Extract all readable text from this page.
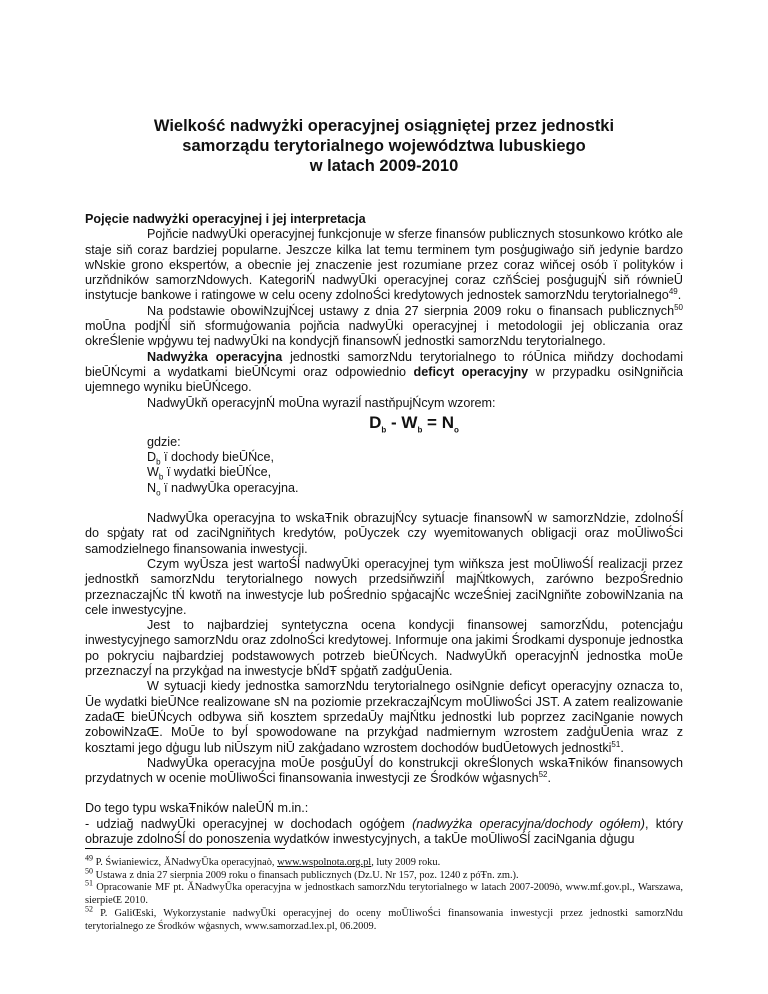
Wielkość nadwyżki operacyjnej osiągniętej przez jednostki
samorządu terytorialnego województwa lubuskiego
w latach 2009-2010

Pojęcie nadwyżki operacyjnej i jej interpretacja

Pojňcie nadwyŪki operacyjnej funkcjonuje w sferze finansów publicznych stosunkowo krótko ale staje siň coraz bardziej popularne. Jeszcze kilka lat temu terminem tym posģugiwaģo siň jedynie bardzo wNskie grono ekspertów, a obecnie jej znaczenie jest rozumiane przez coraz wiňcej osób ï polityków i urzňdników samorzNdowych. KategoriŃ nadwyŪki operacyjnej coraz czňŚciej posģugujŃ siň równieŪ instytucje bankowe i ratingowe w celu oceny zdolnoŚci kredytowych jednostek samorzNdu terytorialnego$^{49}$.

Na podstawie obowiNzujŃcej ustawy z dnia 27 sierpnia 2009 roku o finansach publicznych$^{50}$ moŪna podjŃĺ siň sformuģowania pojňcia nadwyŪki operacyjnej i metodologii jej obliczania oraz okreŚlenie wpģywu tej nadwyŪki na kondycjň finansowŃ jednostki samorzNdu terytorialnego.

Nadwyżka operacyjna jednostki samorzNdu terytorialnego to róŪnica miňdzy dochodami bieŪŃcymi a wydatkami bieŪŃcymi oraz odpowiednio deficyt operacyjny w przypadku osiNgniňcia ujemnego wyniku bieŪŃcego.

NadwyŪkň operacyjnŃ moŪna wyraziĺ nastňpujŃcym wzorem:

$D_b - W_b = N_o$
gdzie:
$D_b$ ï dochody bieŪŃce,
$W_b$ ï wydatki bieŪŃce,
$N_o$ ï nadwyŪka operacyjna.

NadwyŪka operacyjna to wskaŦnik obrazujŃcy sytuacje finansowŃ w samorzNdzie, zdolnoŚĺ do spģaty rat od zaciNgniňtych kredytów, poŪyczek czy wyemitowanych obligacji oraz moŪliwoŚci samodzielnego finansowania inwestycji.

Czym wyŪsza jest wartoŚĺ nadwyŪki operacyjnej tym wiňksza jest moŪliwoŚĺ realizacji przez jednostkň samorzNdu terytorialnego nowych przedsiňwziňĺ majŃtkowych, zarówno bezpoŚrednio przeznaczajŃc tŃ kwotň na inwestycje lub poŚrednio spģacajŃc wczeŚniej zaciNgniňte zobowiNzania na cele inwestycyjne.

Jest to najbardziej syntetyczna ocena kondycji finansowej samorzŃdu, potencjaģu inwestycyjnego samorzNdu oraz zdolnoŚci kredytowej. Informuje ona jakimi Środkami dysponuje jednostka po pokryciu najbardziej podstawowych potrzeb bieŪŃcych. NadwyŪkň operacyjnŃ jednostka moŪe przeznaczyĺ na przykģad na inwestycje bŃdŦ spģatň zadģuŪenia.

W sytuacji kiedy jednostka samorzNdu terytorialnego osiNgnie deficyt operacyjny oznacza to, Ūe wydatki bieŪNce realizowane sN na poziomie przekraczajŃcym moŪliwoŚci JST. A zatem realizowanie zadaŒ bieŪŃcych odbywa siň kosztem sprzedaŪy majŃtku jednostki lub poprzez zaciNganie nowych zobowiNzaŒ. MoŪe to byĺ spowodowane na przykģad nadmiernym wzrostem zadģuŪenia wraz z kosztami jego dģugu lub niŪszym niŪ zakģadano wzrostem dochodów budŪetowych jednostki$^{51}$.

NadwyŪka operacyjna moŪe posģuŪyĺ do konstrukcji okreŚlonych wskaŦników finansowych przydatnych w ocenie moŪliwoŚci finansowania inwestycji ze Środków wģasnych$^{52}$.

Do tego typu wskaŦników naleŪŃ m.in.:

- udziağ nadwyŪki operacyjnej w dochodach ogóģem (nadwyżka operacyjna/dochody ogółem), który obrazuje zdolnoŚĺ do ponoszenia wydatków inwestycyjnych, a takŪe moŪliwoŚĺ zaciNgania dģugu

$^{49}$ P. Świaniewicz, ĂNadwyŪka operacyjnaò, www.wspolnota.org.pl, luty 2009 roku.

$^{50}$ Ustawa z dnia 27 sierpnia 2009 roku o finansach publicznych (Dz.U. Nr 157, poz. 1240 z póŦn. zm.).

$^{51}$ Opracowanie MF pt. ĂNadwyŪka operacyjna w jednostkach samorzNdu terytorialnego w latach 2007-2009ò, www.mf.gov.pl., Warszawa, sierpieŒ 2010.

$^{52}$ P. GaliŒski, Wykorzystanie nadwyŪki operacyjnej do oceny moŪliwoŚci finansowania inwestycji przez jednostki samorzNdu terytorialnego ze Środków wģasnych, www.samorzad.lex.pl, 06.2009.
